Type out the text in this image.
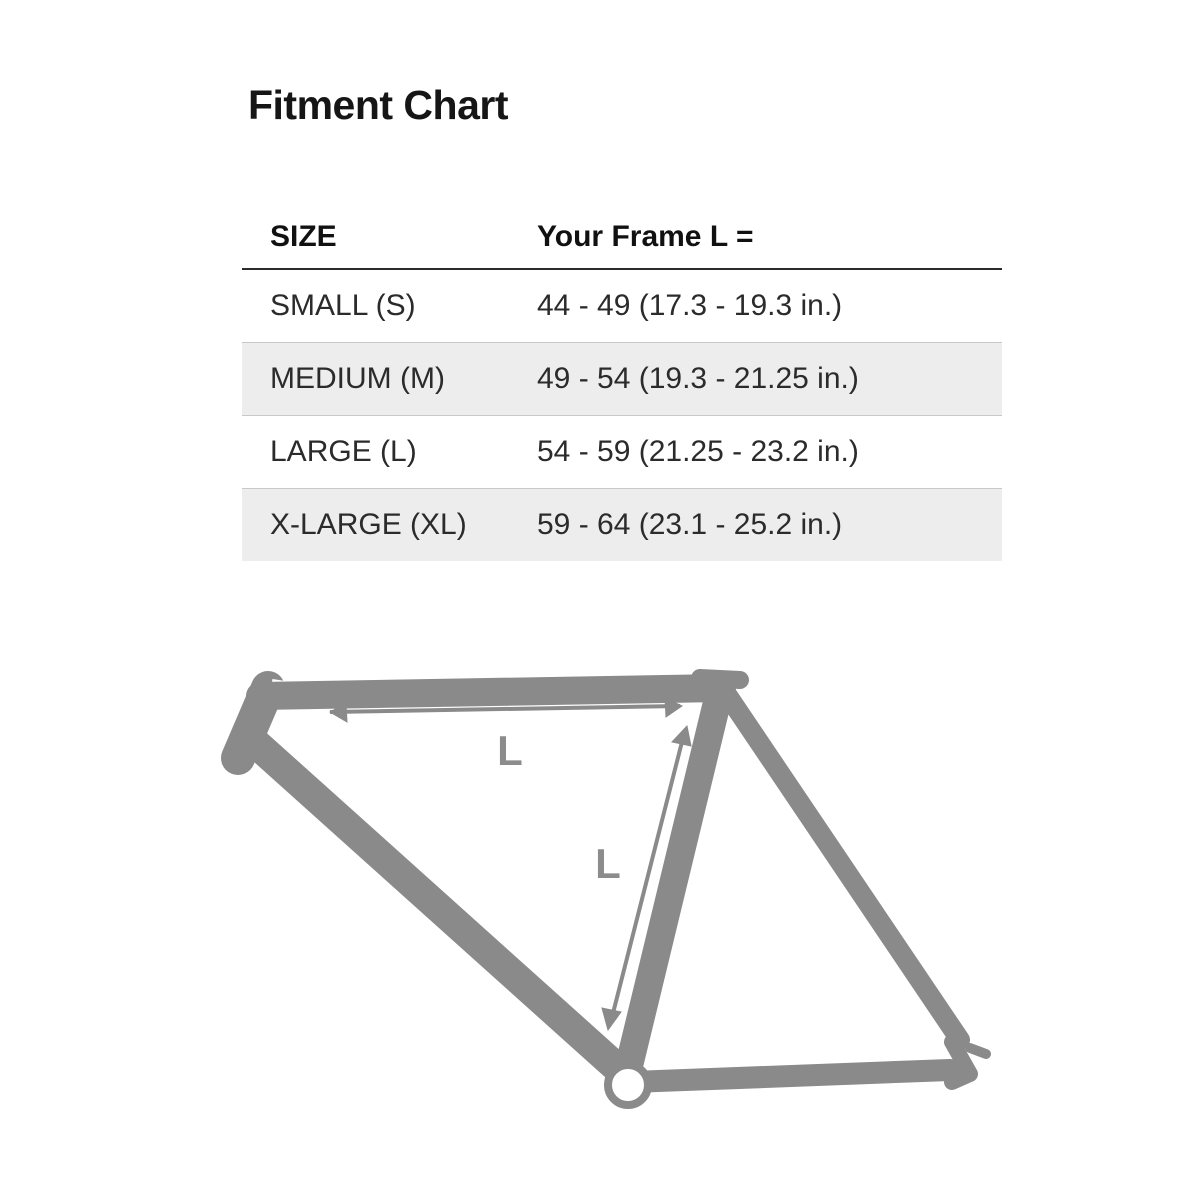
Fitment Chart
SIZE	Your Frame L =
SMALL (S)	44 - 49 (17.3 - 19.3 in.)
MEDIUM (M)	49 - 54 (19.3 - 21.25 in.)
LARGE (L)	54 - 59 (21.25 - 23.2 in.)
X-LARGE (XL)	59 - 64 (23.1 - 25.2 in.)
L
L
